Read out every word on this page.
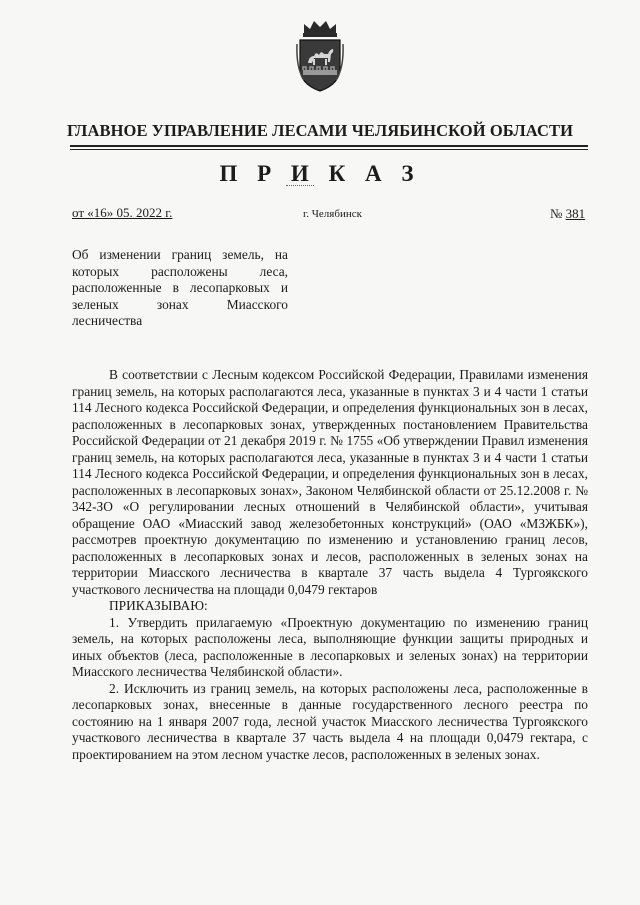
ГЛАВНОЕ УПРАВЛЕНИЕ ЛЕСАМИ ЧЕЛЯБИНСКОЙ ОБЛАСТИ
П Р И К А З
от «16» 05. 2022 г.	г. Челябинск	№ 381
Об изменении границ земель, на которых расположены леса, расположенные в лесопарковых и зеленых зонах Миасского лесничества

В соответствии с Лесным кодексом Российской Федерации, Правилами изменения границ земель, на которых располагаются леса, указанные в пунктах 3 и 4 части 1 статьи 114 Лесного кодекса Российской Федерации, и определения функциональных зон в лесах, расположенных в лесопарковых зонах, утвержденных постановлением Правительства Российской Федерации от 21 декабря 2019 г. № 1755 «Об утверждении Правил изменения границ земель, на которых располагаются леса, указанные в пунктах 3 и 4 части 1 статьи 114 Лесного кодекса Российской Федерации, и определения функциональных зон в лесах, расположенных в лесопарковых зонах», Законом Челябинской области от 25.12.2008 г. № 342-ЗО «О регулировании лесных отношений в Челябинской области», учитывая обращение ОАО «Миасский завод железобетонных конструкций» (ОАО «МЗЖБК»), рассмотрев проектную документацию по изменению и установлению границ лесов, расположенных в лесопарковых зонах и лесов, расположенных в зеленых зонах на территории Миасского лесничества в квартале 37 часть выдела 4 Тургоякского участкового лесничества на площади 0,0479 гектаров

ПРИКАЗЫВАЮ:

1. Утвердить прилагаемую «Проектную документацию по изменению границ земель, на которых расположены леса, выполняющие функции защиты природных и иных объектов (леса, расположенные в лесопарковых и зеленых зонах) на территории Миасского лесничества Челябинской области».

2. Исключить из границ земель, на которых расположены леса, расположенные в лесопарковых зонах, внесенные в данные государственного лесного реестра по состоянию на 1 января 2007 года, лесной участок Миасского лесничества Тургоякского участкового лесничества в квартале 37 часть выдела 4 на площади 0,0479 гектара, с проектированием на этом лесном участке лесов, расположенных в зеленых зонах.
